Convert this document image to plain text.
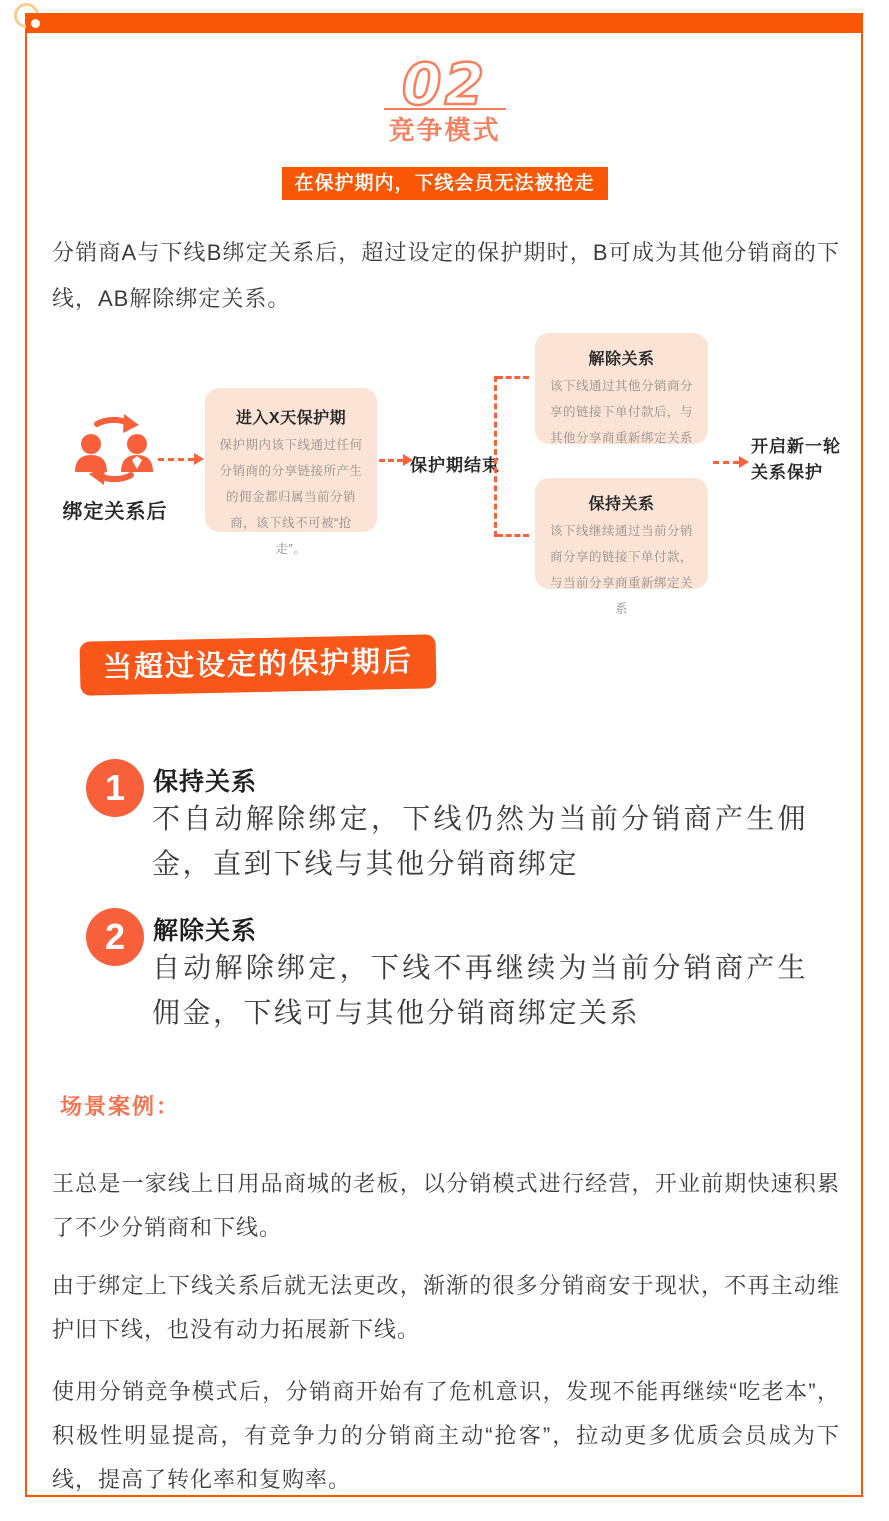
02
竞争模式
在保护期内，下线会员无法被抢走

分销商A与下线B绑定关系后，超过设定的保护期时，B可成为其他分销商的下线，AB解除绑定关系。

绑定关系后
进入X天保护期
保护期内该下线通过任何分销商的分享链接所产生的佣金都归属当前分销商，该下线不可被“抢走”。
保护期结束
解除关系
该下线通过其他分销商分享的链接下单付款后，与其他分享商重新绑定关系
保持关系
该下线继续通过当前分销商分享的链接下单付款，与当前分享商重新绑定关系
开启新一轮
关系保护
当超过设定的保护期后
1	保持关系
不自动解除绑定，下线仍然为当前分销商产生佣金，直到下线与其他分销商绑定
2	解除关系
自动解除绑定，下线不再继续为当前分销商产生佣金，下线可与其他分销商绑定关系
场景案例：

王总是一家线上日用品商城的老板，以分销模式进行经营，开业前期快速积累了不少分销商和下线。

由于绑定上下线关系后就无法更改，渐渐的很多分销商安于现状，不再主动维护旧下线，也没有动力拓展新下线。

使用分销竞争模式后，分销商开始有了危机意识，发现不能再继续“吃老本”，积极性明显提高，有竞争力的分销商主动“抢客”，拉动更多优质会员成为下线，提高了转化率和复购率。
